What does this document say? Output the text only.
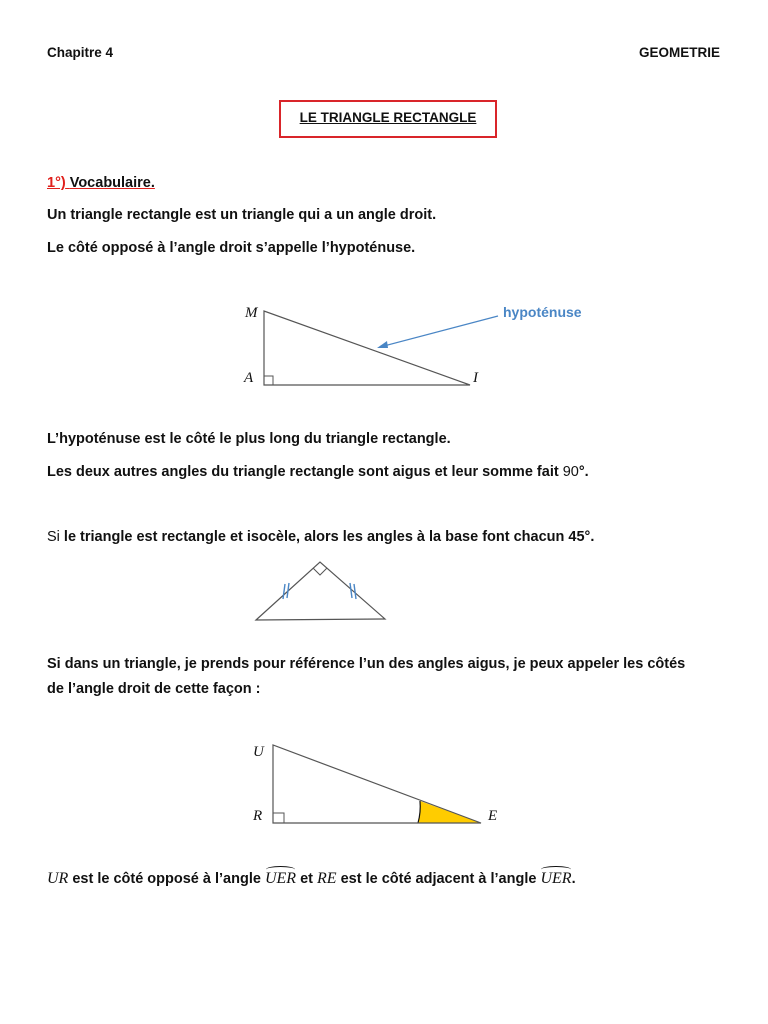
Chapitre 4	GEOMETRIE
LE TRIANGLE RECTANGLE
1°) Vocabulaire.
Un triangle rectangle est un triangle qui a un angle droit.
Le côté opposé à l’angle droit s’appelle l’hypoténuse.
M
A	I
hypoténuse
L’hypoténuse est le côté le plus long du triangle rectangle.
Les deux autres angles du triangle rectangle sont aigus et leur somme fait 90°.
Si le triangle est rectangle et isocèle, alors les angles à la base font chacun 45°.
Si dans un triangle, je prends pour référence l’un des angles aigus, je peux appeler les côtés
de l’angle droit de cette façon :
U
R	E
UR est le côté opposé à l’angle UER et RE est le côté adjacent à l’angle UER.
